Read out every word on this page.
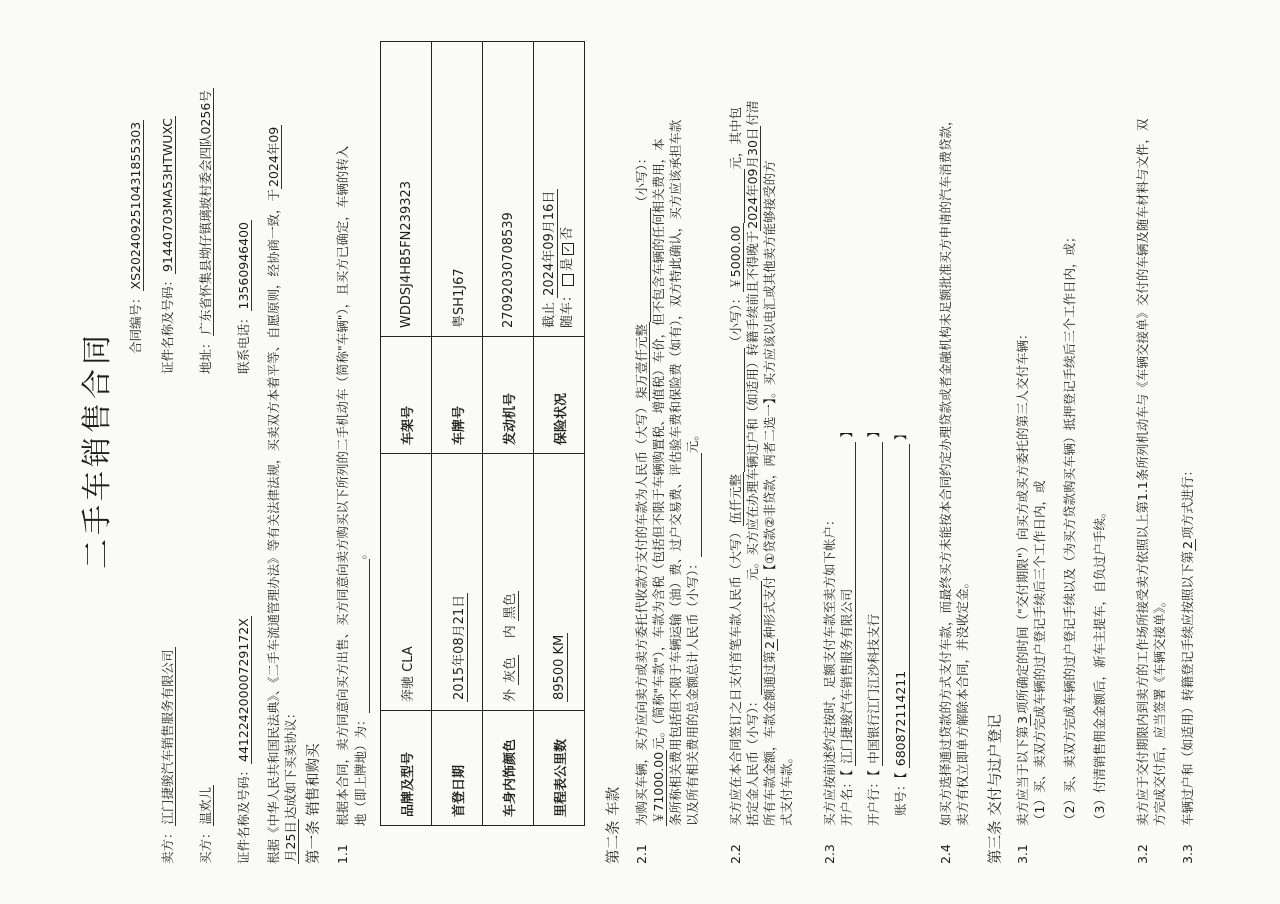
合同编号：XS2024092510431855303
二手车销售合同
卖方：江门捷骏汽车销售服务有限公司
证件名称及号码：91440703MA53HTWUXC
买方：温欢儿
地址：广东省怀集县坳仔镇璃坡村委会四队0256号
证件名称及号码：441224200007291​72X
联系电话：13560946400 根据《中华人民共和国民法典》、《二手车流通管理办法》等有关法律法规，买卖双方本着平等、自愿原则，经协商一致，于2024年09
月25日达成如下买卖协议： 第一条 销售和购买 1.1根据本合同，卖方同意向买方出售、买方同意向卖方购买以下所列的二手机动车（简称"车辆"），且买方已确定，车辆的转入 地（即上牌地）为： 。
品牌及型号	奔驰 CLA	车架号	WDDSJ4HB5FN239323
首登日期	2015年08月21日	车牌号	粤SH1J67
车身内饰颜色	外 灰色    内 黑色	发动机号	27092030708539
里程表公里数	89500 KM	保险状况	截止 2024年09月16日
随车：是✓否
第二条 车款 2.1为购买车辆，买方应向卖方或卖方委托代收款方支付的车款为人民币（大写）柒万壹仟元整 （小写）：
￥71000.00元。（简称"车款"），车款为含税（包括但不限于车辆购置税、增值税）车价，但不包含车辆的任何相关费用，本 条所称相关费用包括但不限于车辆运输（油）费、过户交易费、评估验车费和保险费（如有），双方特此确认，买方应该承担车款 以及所有相关费用的总金额总计人民币（小写）： 元。
2.2买方应在本合同签订之日支付首笔车款人民币（大写）伍仟元整 （小写）：￥5000.00 元，其中包
括定金人民币（小写）： 元。买方应在办理车辆过户和（如适用）转籍手续前且不得晚于2024年09月30日付清
所有车款金额，车款金额通过第2种形式支付【①贷款②非贷款，两者二选一】。买方应该以电汇或其他卖方能够接受的方
式支付车款。
2.3买方应按前述约定按时、足额支付车款至卖方如下帐户： 开户名：【 江门捷骏汽车销售服务有限公司 】
开户行：【 中国银行江门江沙科技支行 】
账号：【 680872114211 】
2.4如买方选择通过贷款的方式支付车款，而最终买方未能按本合同约定办理贷款或者金融机构未足额批准买方申请的汽车消费贷款， 卖方有权立即单方解除本合同，并没收定金。 第三条 交付与过户登记 3.1卖方应当于以下第3项所确定的时间（"交付期限"）向买方或买方委托的第三人交付车辆： （1）买、卖双方完成车辆的过户登记手续后三个工作日内，或 （2）买、卖双方完成车辆的过户登记手续以及（为买方贷款购买车辆）抵押登记手续后三个工作日内，或； （3）付清销售佣金金额后，新车主提车，自负过户手续。
3.2卖方应于交付期限内到卖方的工作场所接受卖方依照以上第1.1条所列机动车与《车辆交接单》交付的车辆及随车材料与文件，双 方完成交付后，应当签署《车辆交接单》。
3.3车辆过户和（如适用）转籍登记手续应按照以下第2项方式进行：
